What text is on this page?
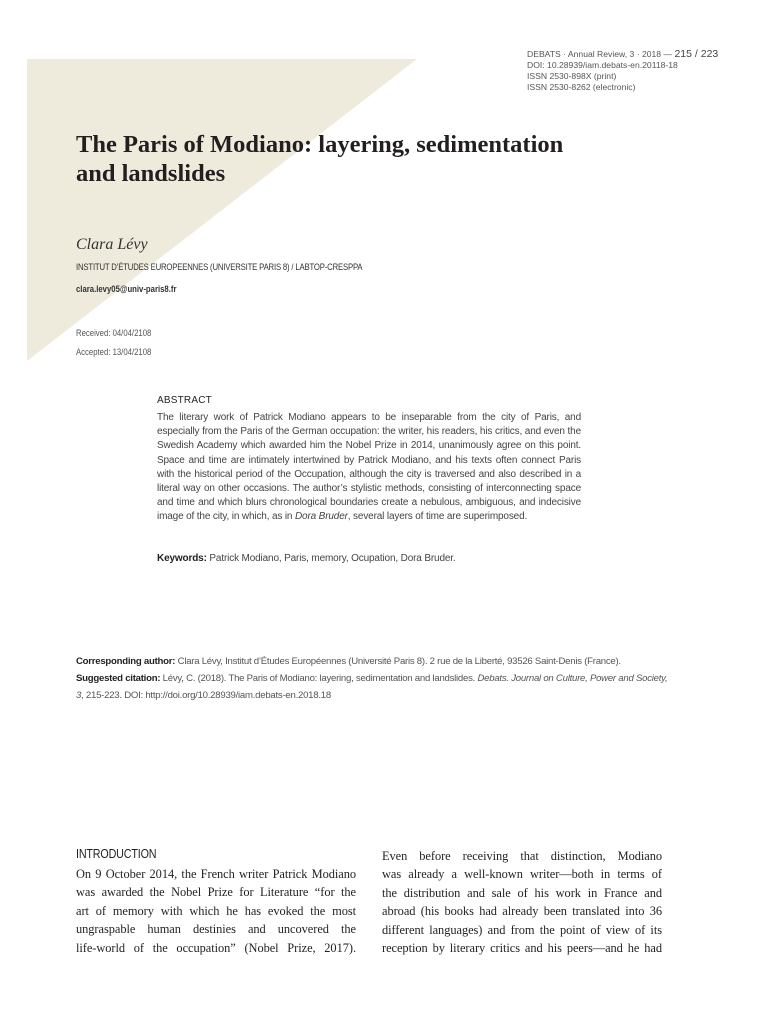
DEBATS · Annual Review, 3 · 2018 — 215 / 223
DOI: 10.28939/iam.debats-en.20118-18
ISSN 2530-898X (print)
ISSN 2530-8262 (electronic)
The Paris of Modiano: layering, sedimentation
and landslides
Clara Lévy
INSTITUT D’ÉTUDES EUROPEENNES (UNIVERSITE PARIS 8) / LABTOP-CRESPPA
clara.levy05@univ-paris8.fr
Received: 04/04/2108
Accepted: 13/04/2108
ABSTRACT
The literary work of Patrick Modiano appears to be inseparable from the city of Paris, and especially from the Paris of the German occupation: the writer, his readers, his critics, and even the Swedish Academy which awarded him the Nobel Prize in 2014, unanimously agree on this point. Space and time are intimately intertwined by Patrick Modiano, and his texts often connect Paris with the historical period of the Occupation, although the city is traversed and also described in a literal way on other occasions. The author’s stylistic methods, consisting of interconnecting space and time and which blurs chronological boundaries create a nebulous, ambiguous, and indecisive image of the city, in which, as in Dora Bruder, several layers of time are superimposed.
Keywords: Patrick Modiano, Paris, memory, Ocupation, Dora Bruder.
Corresponding author: Clara Lévy, Institut d’Études Européennes (Université Paris 8). 2 rue de la Liberté, 93526 Saint-Denis (France).
Suggested citation: Lévy, C. (2018). The Paris of Modiano: layering, sedimentation and landslides. Debats. Journal on Culture, Power and Society, 3, 215-223. DOI: http://doi.org/10.28939/iam.debats-en.2018.18
INTRODUCTION
On 9 October 2014, the French writer Patrick Modiano
was awarded the Nobel Prize for Literature “for the
art of memory with which he has evoked the most
ungraspable human destinies and uncovered the
life-world of the occupation” (Nobel Prize, 2017).
Even before receiving that distinction, Modiano
was already a well-known writer—both in terms of
the distribution and sale of his work in France and
abroad (his books had already been translated into 36
different languages) and from the point of view of its
reception by literary critics and his peers—and he had
